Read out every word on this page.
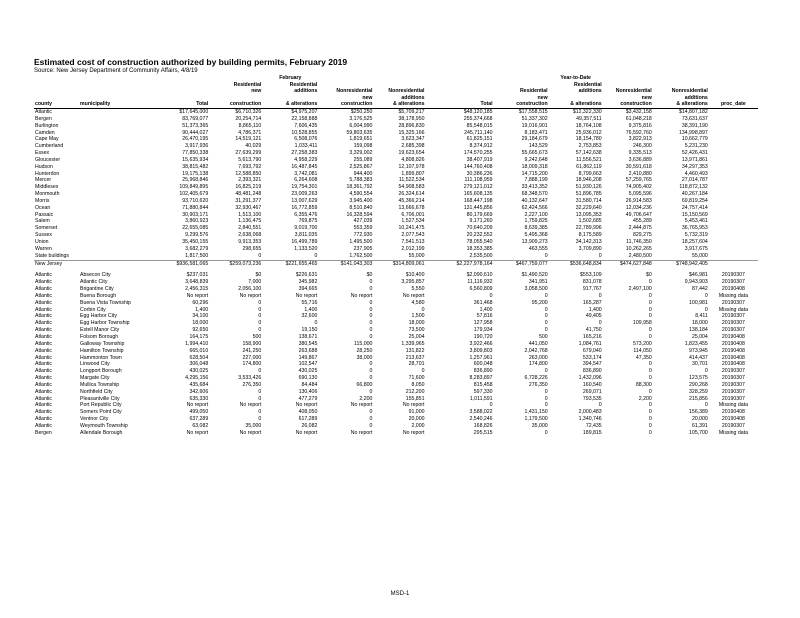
Estimated cost of construction authorized by building permits, February 2019
Source: New Jersey Department of Community Affairs, 4/8/19
				February					Year-to-Date			
			Residential	Residential					Residential			
			new	additions	Nonresidential	Nonresidential		Residential	additions	Nonresidential	Nonresidential	
					new	additions		new		new	additions	
county	municipality	Total	construction	& alterations	construction	& alterations	Total	construction	& alterations	construction	& alterations	proc_date
Atlantic		$17,645,000	$6,710,326	$4,975,207	$250,250	$5,709,217	$48,120,185	$17,558,515	$12,322,330	$3,432,158	$14,807,182	
Bergen		83,769,077	20,254,714	22,158,888	3,176,525	38,178,950	255,374,668	51,337,302	49,357,511	61,048,218	73,631,637	
Burlington		51,373,365	8,865,110	7,606,435	6,004,990	28,896,830	85,548,015	19,016,901	18,764,108	9,375,816	38,391,190	
Camden		90,444,027	4,786,371	10,528,855	59,803,635	15,325,166	245,711,140	8,183,471	25,936,012	76,592,760	134,998,897	
Cape May		26,470,195	14,519,121	6,508,076	1,819,651	3,623,347	61,825,151	29,184,679	18,154,780	3,822,913	10,662,779	
Cumberland		3,917,936	40,029	1,033,411	159,098	2,685,398	8,374,912	143,529	2,753,853	246,300	5,231,230	
Essex		77,850,338	27,639,299	27,258,383	3,329,002	19,623,654	174,570,255	55,665,673	57,142,638	9,335,513	52,426,431	
Gloucester		15,635,934	5,613,790	4,958,229	255,089	4,808,826	38,407,919	9,242,648	11,556,521	3,636,889	13,971,861	
Hudson		38,815,482	7,693,792	16,487,845	2,525,867	12,107,978	144,760,408	18,009,318	61,862,119	30,591,618	34,297,353	
Hunterdon		19,175,138	12,588,850	3,742,081	944,400	1,899,807	30,386,236	14,715,200	8,799,663	2,410,880	4,460,493	
Mercer		25,968,846	2,393,321	6,264,608	5,788,383	11,522,534	111,108,959	7,888,199	18,946,208	57,259,765	27,014,787	
Middlesex		109,849,895	16,825,219	19,754,301	18,361,792	54,908,583	279,121,012	33,413,352	51,930,126	74,905,402	118,872,132	
Monmouth		102,405,679	48,481,248	23,009,263	4,590,554	26,324,614	165,608,135	68,348,570	51,896,785	5,095,596	40,267,184	
Morris		93,710,620	31,291,377	13,007,629	3,945,400	45,366,214	168,447,198	40,132,647	31,580,714	26,914,583	69,819,254	
Ocean		71,880,844	32,930,467	16,772,859	8,510,840	13,666,678	131,445,856	62,424,566	32,229,640	12,034,236	24,757,414	
Passaic		30,903,171	1,513,100	6,355,476	16,328,594	6,706,001	80,179,669	2,227,100	13,095,353	49,706,647	15,150,569	
Salem		3,860,923	1,136,475	769,875	427,039	1,527,534	9,171,260	1,759,825	1,502,685	455,289	5,453,461	
Somerset		22,655,085	2,840,551	9,019,700	553,359	10,241,475	70,640,209	8,639,385	22,789,996	2,444,875	36,765,953	
Sussex		9,299,576	2,638,068	3,811,035	772,930	2,077,543	20,232,552	5,495,368	8,175,589	829,275	5,732,319	
Union		35,450,155	9,913,353	16,499,789	1,495,500	7,541,513	78,055,540	13,909,273	34,142,313	11,746,350	18,257,604	
Warren		3,682,279	298,655	1,133,520	237,905	2,012,199	18,353,385	463,555	3,709,890	10,262,265	3,917,675	
State buildings		1,817,500	0	0	1,762,500	55,000	2,535,500	0	0	2,480,500	55,000	
New Jersey		$936,581,065	$259,073,236	$221,655,465	$141,043,303	$314,809,061	$2,227,978,164	$467,759,077	$536,648,834	$474,627,848	$748,942,405	

Atlantic	Absecon City	$237,031	$0	$226,631	$0	$10,400	$2,090,610	$1,490,520	$553,109	$0	$46,981	20190307
Atlantic	Atlantic City	3,648,839	7,000	345,982	0	3,295,857	11,116,932	341,951	831,078	0	9,943,903	20190307
Atlantic	Brigantine City	2,456,315	2,056,100	394,665	0	5,550	6,560,809	3,058,500	917,767	2,497,100	87,442	20190408
Atlantic	Buena Borough	No report	No report	No report	No report	No report	0	0	0	0	0	Missing data
Atlantic	Buena Vista Township	60,296	0	55,716	0	4,580	361,468	95,200	165,287	0	100,981	20190307
Atlantic	Corbin City	1,400	0	1,400	0	0	1,400	0	1,400	0	0	Missing data
Atlantic	Egg Harbor City	34,100	0	32,600	0	1,500	57,816	0	49,405	0	8,411	20190307
Atlantic	Egg Harbor Township	18,000	0	0	0	18,000	127,958	0	0	109,958	18,000	20190307
Atlantic	Estell Manor City	92,650	0	19,150	0	73,500	179,934	0	41,750	0	138,184	20190307
Atlantic	Folsom Borough	164,175	500	138,671	0	25,004	190,720	500	165,216	0	25,004	20190408
Atlantic	Galloway Township	1,994,410	158,900	380,545	115,000	1,339,965	3,922,466	441,050	1,084,761	573,200	1,823,455	20190408
Atlantic	Hamilton Township	665,010	241,250	263,688	28,250	131,822	3,809,803	2,042,768	679,040	114,050	973,945	20190408
Atlantic	Hammonton Town	628,504	227,000	149,867	38,000	213,637	1,257,961	263,000	533,174	47,350	414,437	20190408
Atlantic	Linwood City	306,048	174,800	102,547	0	28,701	600,048	174,800	394,547	0	30,701	20190408
Atlantic	Longport Borough	430,025	0	430,025	0	0	836,890	0	836,890	0	0	20190307
Atlantic	Margate City	4,295,156	3,533,426	690,130	0	71,600	8,283,897	6,728,226	1,432,096	0	123,575	20190307
Atlantic	Mullica Township	435,684	276,350	84,484	66,800	8,050	815,458	276,350	160,540	88,300	290,268	20190307
Atlantic	Northfield City	342,606	0	130,406	0	212,200	597,330	0	269,071	0	328,259	20190307
Atlantic	Pleasantville City	635,330	0	477,279	2,200	155,851	1,011,591	0	793,535	2,200	215,856	20190307
Atlantic	Port Republic City	No report	No report	No report	No report	No report	0	0	0	0	0	Missing data
Atlantic	Somers Point City	499,050	0	408,050	0	91,000	3,588,022	1,431,150	2,000,483	0	156,389	20190408
Atlantic	Ventnor City	637,289	0	617,289	0	20,000	2,540,246	1,179,500	1,340,746	0	20,000	20190408
Atlantic	Weymouth Township	63,082	35,000	26,082	0	2,000	168,826	35,000	72,435	0	61,391	20190307
Bergen	Allendale Borough	No report	No report	No report	No report	No report	295,515	0	189,815	0	105,700	Missing data
MSD-1
